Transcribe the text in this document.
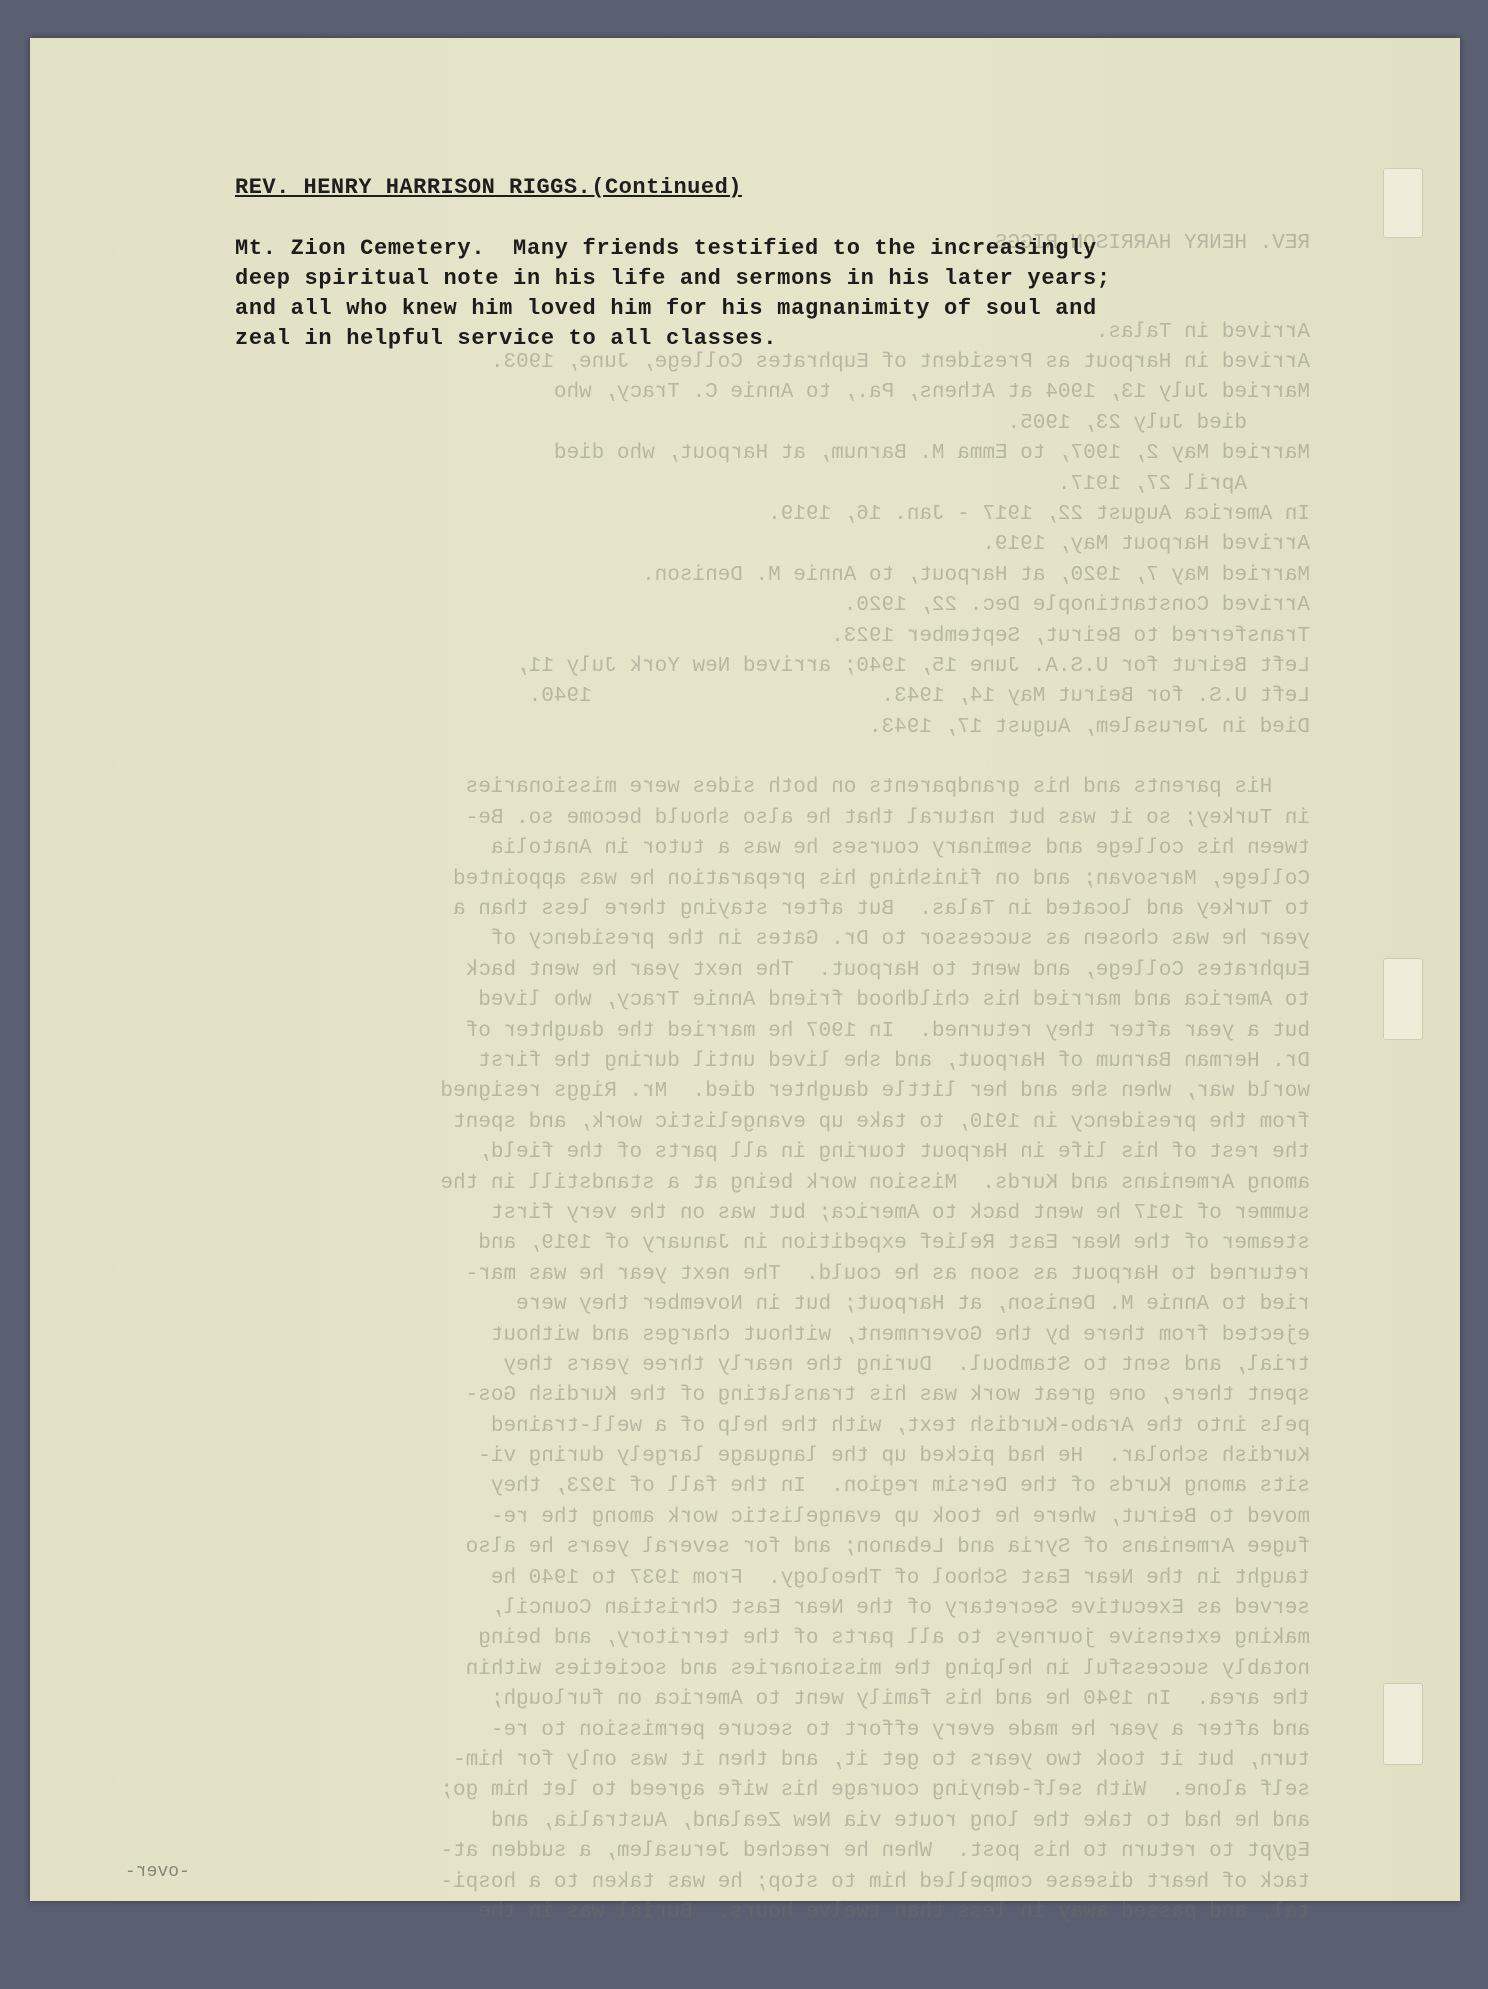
REV. HENRY HARRISON RIGGS

Arrived in Talas.
Arrived in Harpout as President of Euphrates College, June, 1903.
Married July 13, 1904 at Athens, Pa., to Annie C. Tracy, who
died July 23, 1905.
Married May 2, 1907, to Emma M. Barnum, at Harpout, who died
April 27, 1917.
In America August 22, 1917 - Jan. 16, 1919.
Arrived Harpout May, 1919.
Married May 7, 1920, at Harpout, to Annie M. Denison.
Arrived Constantinople Dec. 22, 1920.
Transferred to Beirut, September 1923.
Left Beirut for U.S.A. June 15, 1940; arrived New York July 11,
Left U.S. for Beirut May 14, 1943.                       1940.
Died in Jerusalem, August 17, 1943.
His parents and his grandparents on both sides were missionaries
in Turkey; so it was but natural that he also should become so. Be-
tween his college and seminary courses he was a tutor in Anatolia
College, Marsovan; and on finishing his preparation he was appointed
to Turkey and located in Talas.  But after staying there less than a
year he was chosen as successor to Dr. Gates in the presidency of
Euphrates College, and went to Harpout.  The next year he went back
to America and married his childhood friend Annie Tracy, who lived
but a year after they returned.  In 1907 he married the daughter of
Dr. Herman Barnum of Harpout, and she lived until during the first
world war, when she and her little daughter died.  Mr. Riggs resigned
from the presidency in 1910, to take up evangelistic work, and spent
the rest of his life in Harpout touring in all parts of the field,
among Armenians and Kurds.  Mission work being at a standstill in the
summer of 1917 he went back to America; but was on the very first
steamer of the Near East Relief expedition in January of 1919, and
returned to Harpout as soon as he could.  The next year he was mar-
ried to Annie M. Denison, at Harpout; but in November they were
ejected from there by the Government, without charges and without
trial, and sent to Stamboul.  During the nearly three years they
spent there, one great work was his translating of the Kurdish Gos-
pels into the Arabo-Kurdish text, with the help of a well-trained
Kurdish scholar.  He had picked up the language largely during vi-
sits among Kurds of the Dersim region.  In the fall of 1923, they
moved to Beirut, where he took up evangelistic work among the re-
fugee Armenians of Syria and Lebanon; and for several years he also
taught in the Near East School of Theology.  From 1937 to 1940 he
served as Executive Secretary of the Near East Christian Council,
making extensive journeys to all parts of the territory, and being
notably successful in helping the missionaries and societies within
the area.  In 1940 he and his family went to America on furlough;
and after a year he made every effort to secure permission to re-
turn, but it took two years to get it, and then it was only for him-
self alone.  With self-denying courage his wife agreed to let him go;
and he had to take the long route via New Zealand, Australia, and
Egypt to return to his post.  When he reached Jerusalem, a sudden at-
tack of heart disease compelled him to stop; he was taken to a hospi-
tal, and passed away in less than twelve hours.  Burial was in the

REV. HENRY HARRISON RIGGS.(Continued)
Mt. Zion Cemetery.  Many friends testified to the increasingly
deep spiritual note in his life and sermons in his later years;
and all who knew him loved him for his magnanimity of soul and
zeal in helpful service to all classes.
-over-
